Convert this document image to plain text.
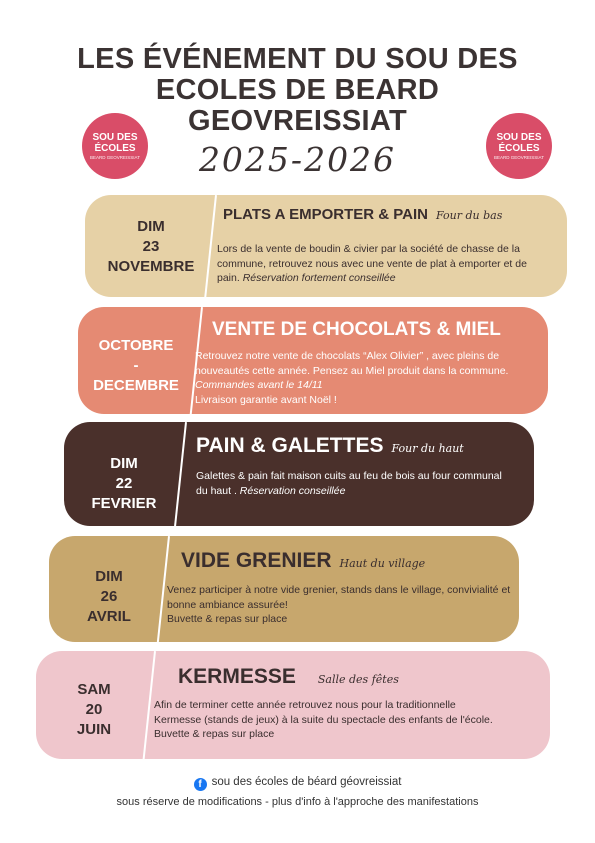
LES ÉVÉNEMENT DU SOU DES ECOLES DE BEARD GEOVREISSIAT
SOU DES
ÉCOLES
BEARD GEOVREISSIAT
SOU DES
ÉCOLES
BEARD GEOVREISSIAT
2025-2026
DIM
23
NOVEMBRE
PLATS A EMPORTER & PAIN Four du bas
Lors de la vente de boudin & civier par la société de chasse de la commune, retrouvez nous avec une vente de plat à emporter et de pain. Réservation fortement conseillée
OCTOBRE
-
DECEMBRE
VENTE DE CHOCOLATS & MIEL
Retrouvez notre vente de chocolats “Alex Olivier” , avec pleins de nouveautés cette année. Pensez au Miel produit dans la commune.
Commandes avant le 14/11
Livraison garantie avant Noël !
DIM
22
FEVRIER
PAIN & GALETTES Four du haut
Galettes & pain fait maison cuits au feu de bois au four communal du haut . Réservation conseillée
DIM
26
AVRIL
VIDE GRENIER Haut du village
Venez participer à notre vide grenier, stands dans le village, convivialité et bonne ambiance assurée!
Buvette & repas sur place
SAM
20
JUIN
KERMESSE Salle des fêtes
Afin de terminer cette année retrouvez nous pour la traditionnelle Kermesse (stands de jeux) à la suite du spectacle des enfants de l'école. Buvette & repas sur place
f sou des écoles de béard géovreissiat
sous réserve de modifications - plus d'info à l'approche des manifestations
